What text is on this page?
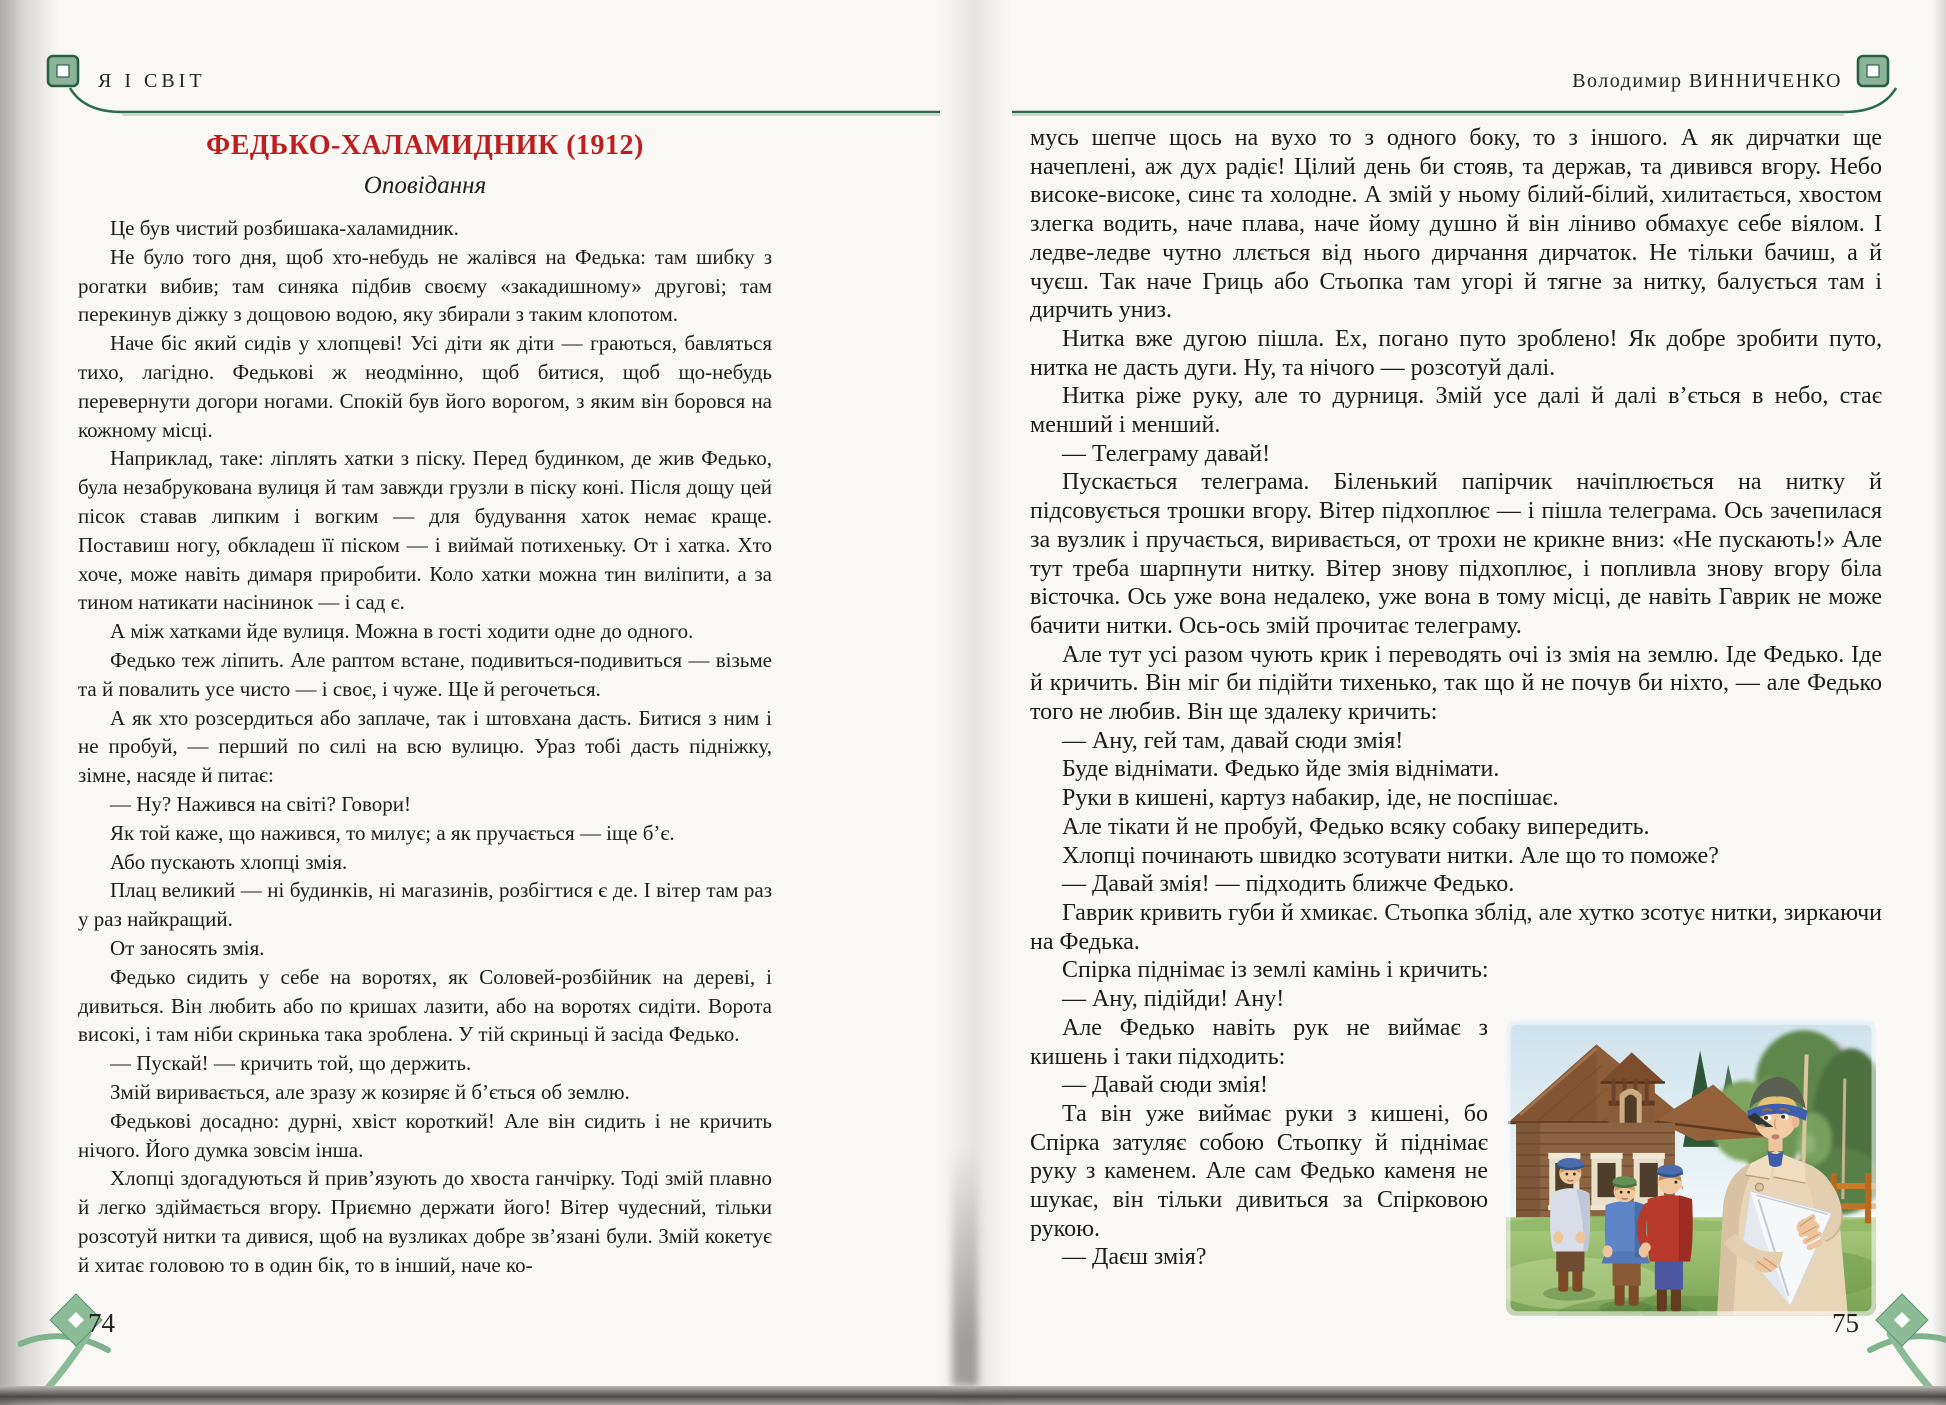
Я І СВІТ	Володимир ВИННИЧЕНКО
ФЕДЬКО-ХАЛАМИДНИК (1912)
Оповідання

Це був чистий розбишака-халамидник.

Не було того дня, щоб хто-небудь не жалівся на Федька: там шибку з рогатки вибив; там синяка підбив своєму «закадишному» другові; там перекинув діжку з дощовою водою, яку збирали з таким клопотом.

Наче біс який сидів у хлопцеві! Усі діти як діти — граються, бавляться тихо, лагідно. Федькові ж неодмінно, щоб битися, щоб що-небудь перевернути догори ногами. Спокій був його ворогом, з яким він боровся на кожному місці.

Наприклад, таке: ліплять хатки з піску. Перед будинком, де жив Федько, була незабрукована вулиця й там завжди грузли в піску коні. Після дощу цей пісок ставав липким і вогким — для будування хаток немає краще. Поставиш ногу, обкладеш її піском — і виймай потихеньку. От і хатка. Хто хоче, може навіть димаря приробити. Коло хатки можна тин виліпити, а за тином натикати насінинок — і сад є.

А між хатками йде вулиця. Можна в гості ходити одне до одного.

Федько теж ліпить. Але раптом встане, подивиться-подивиться — візьме та й повалить усе чисто — і своє, і чуже. Ще й регочеться.

А як хто розсердиться або заплаче, так і штовхана дасть. Битися з ним і не пробуй, — перший по силі на всю вулицю. Ураз тобі дасть підніжку, зімне, насяде й питає:

— Ну? Нажився на світі? Говори!

Як той каже, що нажився, то милує; а як пручається — іще б’є.

Або пускають хлопці змія.

Плац великий — ні будинків, ні магазинів, розбігтися є де. І вітер там раз у раз найкращий.

От заносять змія.

Федько сидить у себе на воротях, як Соловей-розбійник на дереві, і дивиться. Він любить або по кришах лазити, або на воротях сидіти. Ворота високі, і там ніби скринька така зроблена. У тій скриньці й засіда Федько.

— Пускай! — кричить той, що держить.

Змій виривається, але зразу ж козиряє й б’ється об землю.

Федькові досадно: дурні, хвіст короткий! Але він сидить і не кричить нічого. Його думка зовсім інша.

Хлопці здогадуються й прив’язують до хвоста ганчірку. Тоді змій плавно й легко здіймається вгору. Приємно держати його! Вітер чудесний, тільки розсотуй нитки та дивися, щоб на вузликах добре зв’язані були. Змій кокетує й хитає головою то в один бік, то в інший, наче ко-

мусь шепче щось на вухо то з одного боку, то з іншого. А як дирчатки ще начеплені, аж дух радіє! Цілий день би стояв, та держав, та дивився вгору. Небо високе-високе, синє та холодне. А змій у ньому білий-білий, хилитається, хвостом злегка водить, наче плава, наче йому душно й він ліниво обмахує себе віялом. І ледве-ледве чутно ллється від нього дирчання дирчаток. Не тільки бачиш, а й чуєш. Так наче Гриць або Стьопка там угорі й тягне за нитку, балується там і дирчить униз.

Нитка вже дугою пішла. Ех, погано путо зроблено! Як добре зробити путо, нитка не дасть дуги. Ну, та нічого — розсотуй далі.

Нитка ріже руку, але то дурниця. Змій усе далі й далі в’ється в небо, стає менший і менший.

— Телеграму давай!

Пускається телеграма. Біленький папірчик начіплюється на нитку й підсовується трошки вгору. Вітер підхоплює — і пішла телеграма. Ось зачепилася за вузлик і пручається, виривається, от трохи не крикне вниз: «Не пускають!» Але тут треба шарпнути нитку. Вітер знову підхоплює, і попливла знову вгору біла вісточка. Ось уже вона недалеко, уже вона в тому місці, де навіть Гаврик не може бачити нитки. Ось-ось змій прочитає телеграму.

Але тут усі разом чують крик і переводять очі із змія на землю. Іде Федько. Іде й кричить. Він міг би підійти тихенько, так що й не почув би ніхто, — але Федько того не любив. Він ще здалеку кричить:

— Ану, гей там, давай сюди змія!

Буде віднімати. Федько йде змія віднімати.

Руки в кишені, картуз набакир, іде, не поспішає.

Але тікати й не пробуй, Федько всяку собаку випередить.

Хлопці починають швидко зсотувати нитки. Але що то поможе?

— Давай змія! — підходить ближче Федько.

Гаврик кривить губи й хмикає. Стьопка зблід, але хутко зсотує нитки, зиркаючи на Федька.

Спірка піднімає із землі камінь і кричить:

— Ану, підійди! Ану!

Але Федько навіть рук не виймає з кишень і таки підходить:

— Давай сюди змія!

Та він уже виймає руки з кишені, бо Спірка затуляє собою Стьопку й піднімає руку з каменем. Але сам Федько каменя не шукає, він тільки дивиться за Спірковою рукою.

— Даєш змія?

74	75
